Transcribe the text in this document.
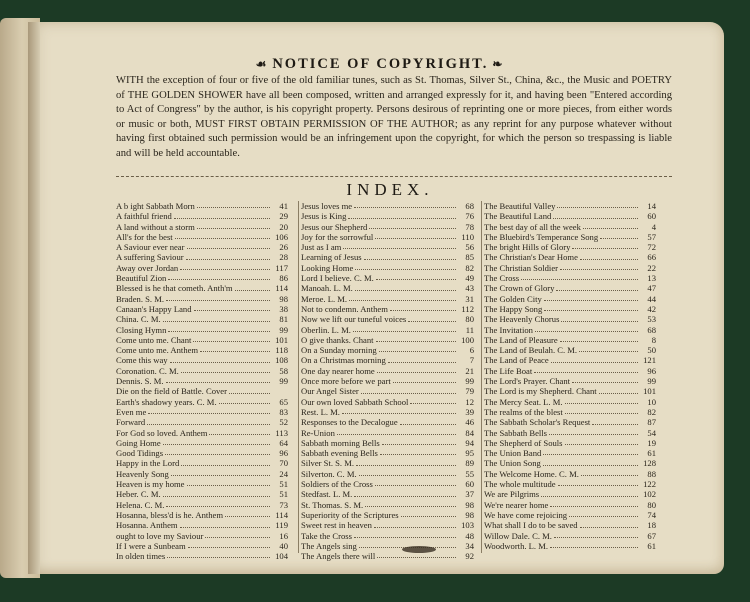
☙ NOTICE OF COPYRIGHT. ❧
WITH the exception of four or five of the old familiar tunes, such as St. Thomas, Silver St., China, &c., the Music and POETRY of THE GOLDEN SHOWER have all been composed, written and arranged expressly for it, and having been "Entered according to Act of Congress" by the author, is his copyright property. Persons desirous of reprinting one or more pieces, from either words or music or both, MUST FIRST OBTAIN PERMISSION OF THE AUTHOR; as any reprint for any purpose whatever without having first obtained such permission would be an infringement upon the copyright, for which the person so trespassing is liable and will be held accountable.
INDEX.
A b ight Sabbath Morn	41
A faithful friend	29
A land without a storm	20
All's for the best	106
A Saviour ever near	26
A suffering Saviour	28
Away over Jordan	117
Beautiful Zion	86
Blessed is he that cometh. Anth'm	114
Braden. S. M.	98
Canaan's Happy Land	38
China. C. M.	81
Closing Hymn	99
Come unto me. Chant	101
Come unto me. Anthem	118
Come this way	108
Coronation. C. M.	58
Dennis. S. M.	99
Die on the field of Battle. Cover
Earth's shadowy years. C. M.	65
Even me	83
Forward	52
For God so loved. Anthem	113
Going Home	64
Good Tidings	96
Happy in the Lord	70
Heavenly Song	24
Heaven is my home	51
Heber. C. M.	51
Helena. C. M.	73
Hosanna, bless'd is he. Anthem	114
Hosanna. Anthem	119
ought to love my Saviour	16
If I were a Sunbeam	40
In olden times	104
Jesus loves me	68
Jesus is King	76
Jesus our Shepherd	78
Joy for the sorrowful	110
Just as I am	56
Learning of Jesus	85
Looking Home	82
Lord I believe. C. M.	49
Manoah. L. M.	43
Meroe. L. M.	31
Not to condemn. Anthem	112
Now we lift our tuneful voices	80
Oberlin. L. M.	11
O give thanks. Chant	100
On a Sunday morning	6
On a Christmas morning	7
One day nearer home	21
Once more before we part	99
Our Angel Sister	79
Our own loved Sabbath School	12
Rest. L. M.	39
Responses to the Decalogue	46
Re-Union	84
Sabbath morning Bells	94
Sabbath evening Bells	95
Silver St. S. M.	89
Silverton. C. M.	55
Soldiers of the Cross	60
Stedfast. L. M.	37
St. Thomas. S. M.	98
Superiority of the Scriptures	98
Sweet rest in heaven	103
Take the Cross	48
The Angels sing	34
The Angels there will	92
The Beautiful Valley	14
The Beautiful Land	60
The best day of all the week	4
The Bluebird's Temperance Song	57
The bright Hills of Glory	72
The Christian's Dear Home	66
The Christian Soldier	22
The Cross	13
The Crown of Glory	47
The Golden City	44
The Happy Song	42
The Heavenly Chorus	53
The Invitation	68
The Land of Pleasure	8
The Land of Beulah. C. M.	50
The Land of Peace	121
The Life Boat	96
The Lord's Prayer. Chant	99
The Lord is my Shepherd. Chant	101
The Mercy Seat. L. M.	10
The realms of the blest	82
The Sabbath Scholar's Request	87
The Sabbath Bells	54
The Shepherd of Souls	19
The Union Band	61
The Union Song	128
The Welcome Home. C. M.	88
The whole multitude	122
We are Pilgrims	102
We're nearer home	80
We have come rejoicing	74
What shall I do to be saved	18
Willow Dale. C. M.	67
Woodworth. L. M.	61
